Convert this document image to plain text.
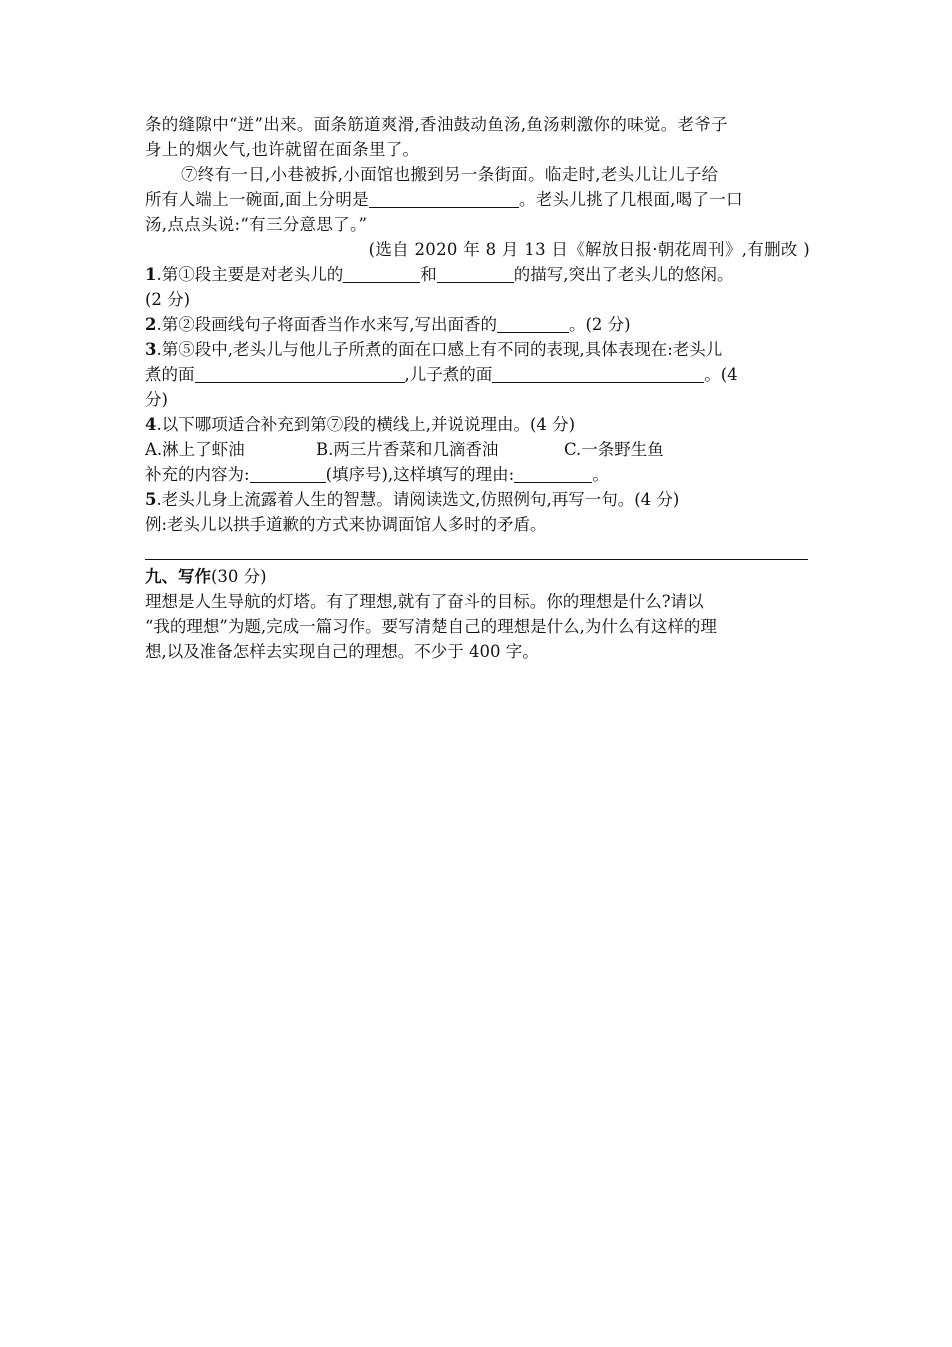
条的缝隙中“迸”出来。面条筋道爽滑,香油鼓动鱼汤,鱼汤刺激你的味觉。老爷子
身上的烟火气,也许就留在面条里了。
⑦终有一日,小巷被拆,小面馆也搬到另一条街面。临走时,老头儿让儿子给
所有人端上一碗面,面上分明是	。老头儿挑了几根面,喝了一口
汤,点点头说:“有三分意思了。”
(选自 2020 年 8 月 13 日《解放日报·朝花周刊》,有删改 )
1.第①段主要是对老头儿的	和	的描写,突出了老头儿的悠闲。
(2 分)
2.第②段画线句子将面香当作水来写,写出面香的	。(2 分)
3.第⑤段中,老头儿与他儿子所煮的面在口感上有不同的表现,具体表现在:老头儿
煮的面	,儿子煮的面	。(4
分)
4.以下哪项适合补充到第⑦段的横线上,并说说理由。(4 分)
A.淋上了虾油	B.两三片香菜和几滴香油	C.一条野生鱼
补充的内容为:	(填序号),这样填写的理由:	。
5.老头儿身上流露着人生的智慧。请阅读选文,仿照例句,再写一句。(4 分)
例:老头儿以拱手道歉的方式来协调面馆人多时的矛盾。
九、写作(30 分)
理想是人生导航的灯塔。有了理想,就有了奋斗的目标。你的理想是什么?请以
“我的理想”为题,完成一篇习作。要写清楚自己的理想是什么,为什么有这样的理
想,以及准备怎样去实现自己的理想。不少于 400 字。
